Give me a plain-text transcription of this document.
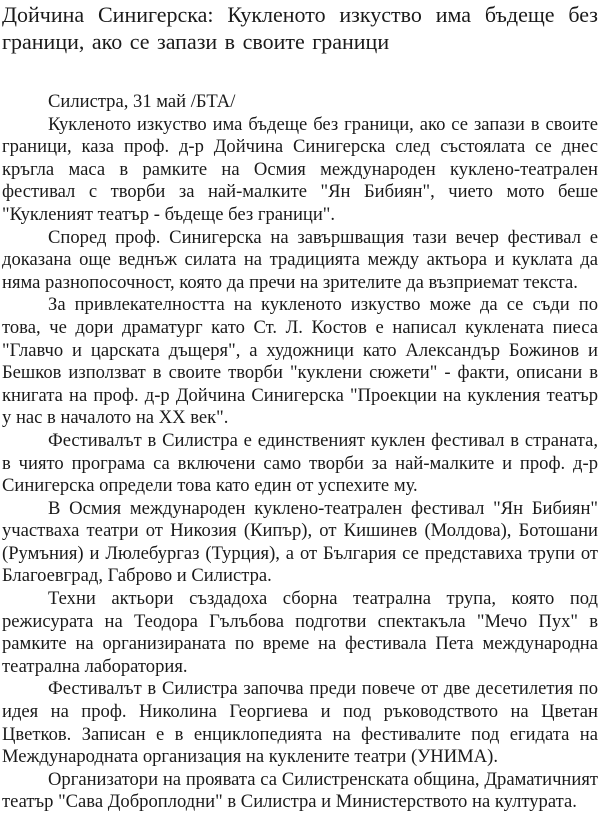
Дойчина Синигерска: Кукленото изкуство има бъдеще без граници, ако се запази в своите граници

Силистра, 31 май /БТА/

Кукленото изкуство има бъдеще без граници, ако се запази в своите граници, каза проф. д-р Дойчина Синигерска след състоялата се днес кръгла маса в рамките на Осмия международен куклено-театрален фестивал с творби за най-малките "Ян Бибиян", чието мото беше "Кукленият театър - бъдеще без граници".

Според проф. Синигерска на завършващия тази вечер фестивал е доказана още веднъж силата на традицията между актьора и куклата да няма разнопосочност, която да пречи на зрителите да възприемат текста.

За привлекателността на кукленото изкуство може да се съди по това, че дори драматург като Ст. Л. Костов е написал куклената пиеса "Главчо и царската дъщеря", а художници като Александър Божинов и Бешков използват в своите творби "куклени сюжети" - факти, описани в книгата на проф. д-р Дойчина Синигерска "Проекции на кукления театър у нас в началото на ХХ век".

Фестивалът в Силистра е единственият куклен фестивал в страната, в чиято програма са включени само творби за най-малките и проф. д-р Синигерска определи това като един от успехите му.

В Осмия международен куклено-театрален фестивал "Ян Бибиян" участваха театри от Никозия (Кипър), от Кишинев (Молдова), Ботошани (Румъния) и Люлебургаз (Турция), а от България се представиха трупи от Благоевград, Габрово и Силистра.

Техни актьори създадоха сборна театрална трупа, която под режисурата на Теодора Гълъбова подготви спектакъла "Мечо Пух" в рамките на организираната по време на фестивала Пета международна театрална лаборатория.

Фестивалът в Силистра започва преди повече от две десетилетия по идея на проф. Николина Георгиева и под ръководството на Цветан Цветков. Записан е в енциклопедията на фестивалите под егидата на Международната организация на куклените театри (УНИМА).

Организатори на проявата са Силистренската община, Драматичният театър "Сава Доброплодни" в Силистра и Министерството на културата.
